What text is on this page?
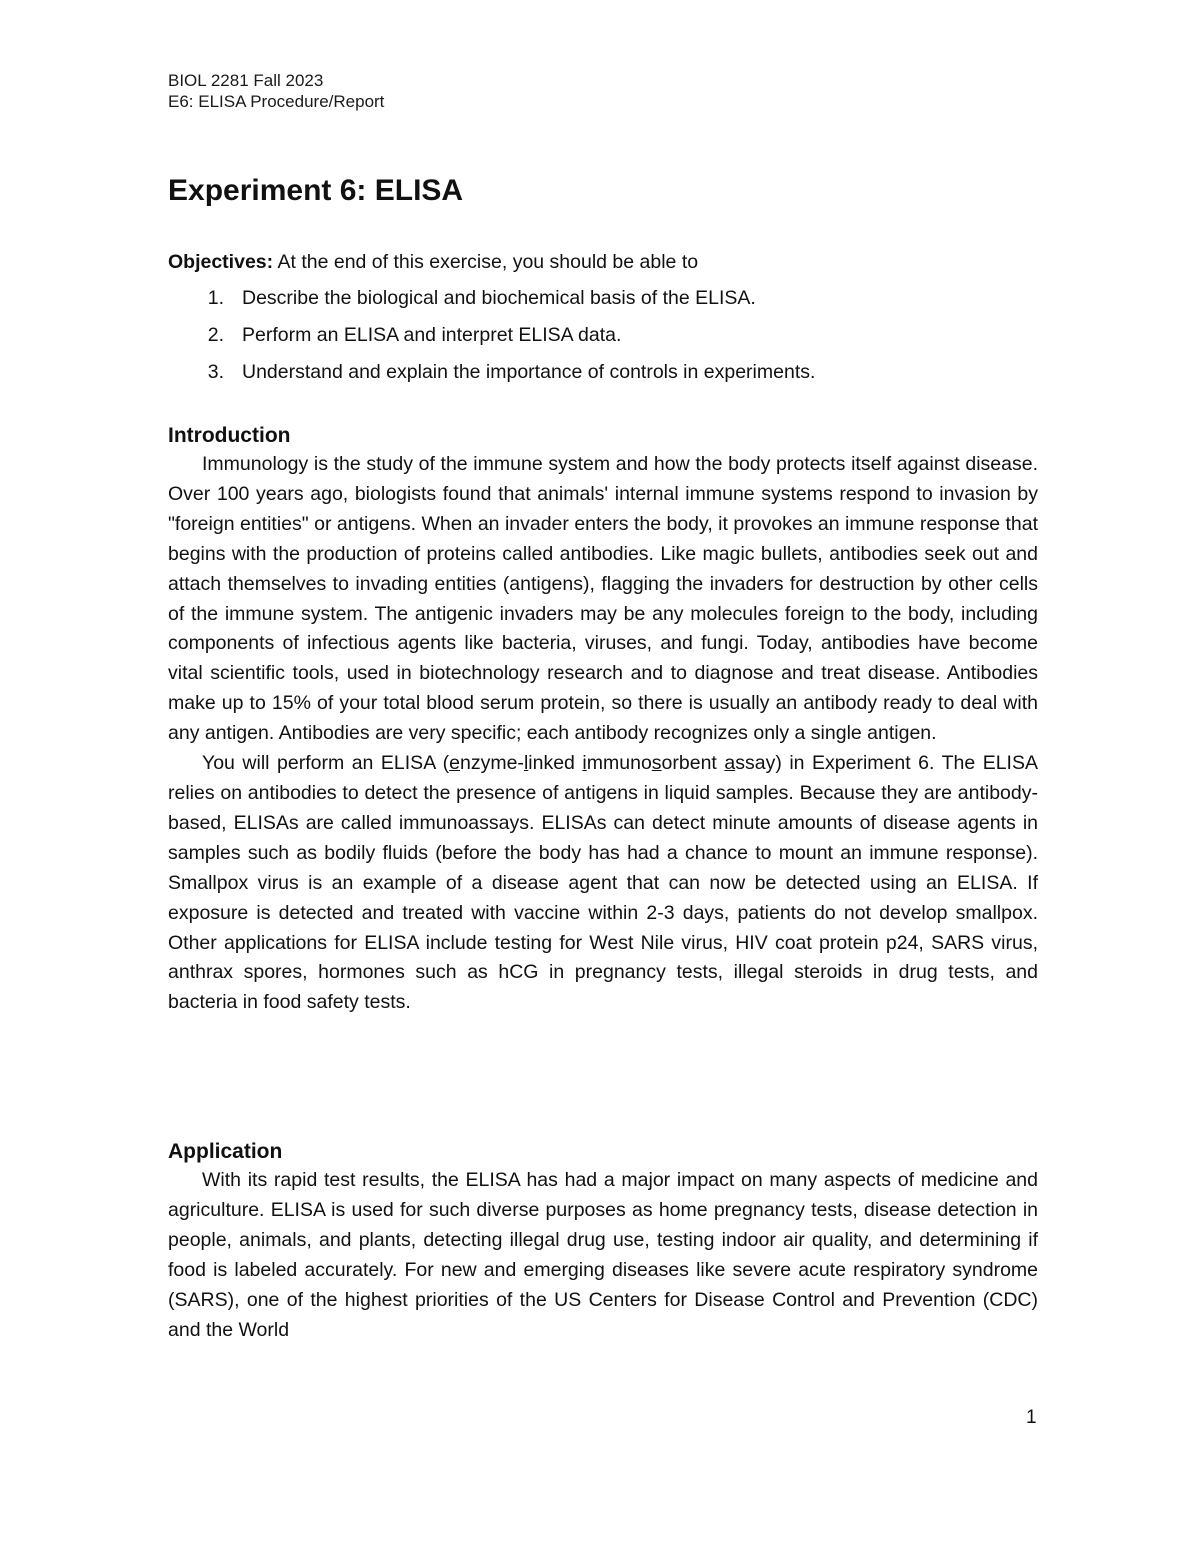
BIOL 2281 Fall 2023
E6: ELISA Procedure/Report
Experiment 6: ELISA
Objectives: At the end of this exercise, you should be able to
1. Describe the biological and biochemical basis of the ELISA.
2. Perform an ELISA and interpret ELISA data.
3. Understand and explain the importance of controls in experiments.
Introduction

Immunology is the study of the immune system and how the body protects itself against disease. Over 100 years ago, biologists found that animals' internal immune systems respond to invasion by "foreign entities" or antigens. When an invader enters the body, it provokes an immune response that begins with the production of proteins called antibodies. Like magic bullets, antibodies seek out and attach themselves to invading entities (antigens), flagging the invaders for destruction by other cells of the immune system. The antigenic invaders may be any molecules foreign to the body, including components of infectious agents like bacteria, viruses, and fungi. Today, antibodies have become vital scientific tools, used in biotechnology research and to diagnose and treat disease. Antibodies make up to 15% of your total blood serum protein, so there is usually an antibody ready to deal with any antigen. Antibodies are very specific; each antibody recognizes only a single antigen.

You will perform an ELISA (enzyme-linked immunosorbent assay) in Experiment 6. The ELISA relies on antibodies to detect the presence of antigens in liquid samples. Because they are antibody-based, ELISAs are called immunoassays. ELISAs can detect minute amounts of disease agents in samples such as bodily fluids (before the body has had a chance to mount an immune response). Smallpox virus is an example of a disease agent that can now be detected using an ELISA. If exposure is detected and treated with vaccine within 2-3 days, patients do not develop smallpox. Other applications for ELISA include testing for West Nile virus, HIV coat protein p24, SARS virus, anthrax spores, hormones such as hCG in pregnancy tests, illegal steroids in drug tests, and bacteria in food safety tests.

Application

With its rapid test results, the ELISA has had a major impact on many aspects of medicine and agriculture. ELISA is used for such diverse purposes as home pregnancy tests, disease detection in people, animals, and plants, detecting illegal drug use, testing indoor air quality, and determining if food is labeled accurately. For new and emerging diseases like severe acute respiratory syndrome (SARS), one of the highest priorities of the US Centers for Disease Control and Prevention (CDC) and the World

1
